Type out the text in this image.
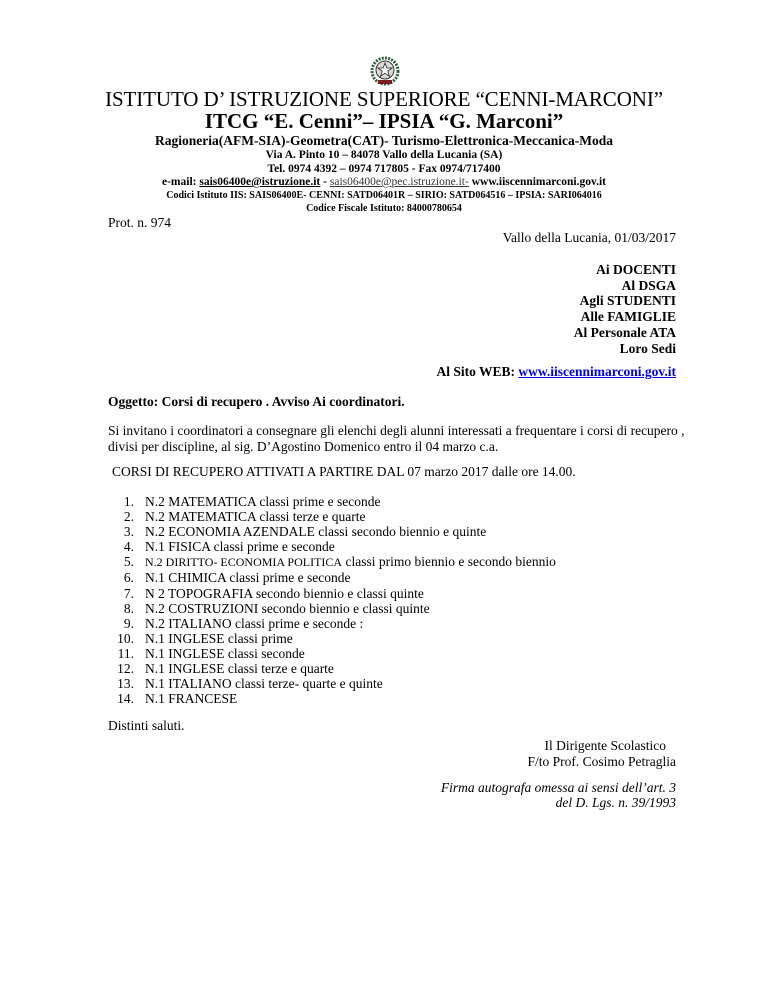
ISTITUTO D’ ISTRUZIONE SUPERIORE “CENNI-MARCONI”
ITCG “E. Cenni”– IPSIA “G. Marconi”
Ragioneria(AFM-SIA)-Geometra(CAT)- Turismo-Elettronica-Meccanica-Moda
Via A. Pinto 10 – 84078 Vallo della Lucania (SA)
Tel. 0974 4392 – 0974 717805 - Fax 0974/717400
e-mail: sais06400e@istruzione.it - sais06400e@pec.istruzione.it- www.iiscennimarconi.gov.it
Codici Istituto IIS: SAIS06400E- CENNI: SATD06401R – SIRIO: SATD064516 – IPSIA: SARI064016
Codice Fiscale Istituto: 84000780654
Prot. n. 974
Vallo della Lucania, 01/03/2017
Ai DOCENTI
Al DSGA
Agli STUDENTI
Alle FAMIGLIE
Al Personale ATA
Loro Sedi
Al Sito WEB: www.iiscennimarconi.gov.it
Oggetto: Corsi di recupero . Avviso Ai coordinatori.
Si invitano i coordinatori a consegnare gli elenchi degli alunni interessati a frequentare i corsi di recupero , divisi per discipline, al sig. D’Agostino Domenico entro il 04 marzo c.a.
CORSI DI RECUPERO ATTIVATI A PARTIRE DAL 07 marzo 2017 dalle ore 14.00.
1. N.2 MATEMATICA classi prime e seconde
2. N.2 MATEMATICA classi terze e quarte
3. N.2 ECONOMIA AZENDALE classi secondo biennio e quinte
4. N.1 FISICA classi prime e seconde
5. N.2 DIRITTO- ECONOMIA POLITICA classi primo biennio e secondo biennio
6. N.1 CHIMICA classi prime e seconde
7. N 2 TOPOGRAFIA secondo biennio e classi quinte
8. N.2 COSTRUZIONI secondo biennio e classi quinte
9. N.2 ITALIANO classi prime e seconde :
10. N.1 INGLESE classi prime
11. N.1 INGLESE classi seconde
12. N.1 INGLESE classi terze e quarte
13. N.1 ITALIANO classi terze- quarte e quinte
14. N.1 FRANCESE
Distinti saluti.
Il Dirigente Scolastico
F/to Prof. Cosimo Petraglia
Firma autografa omessa ai sensi dell’art. 3
del D. Lgs. n. 39/1993
